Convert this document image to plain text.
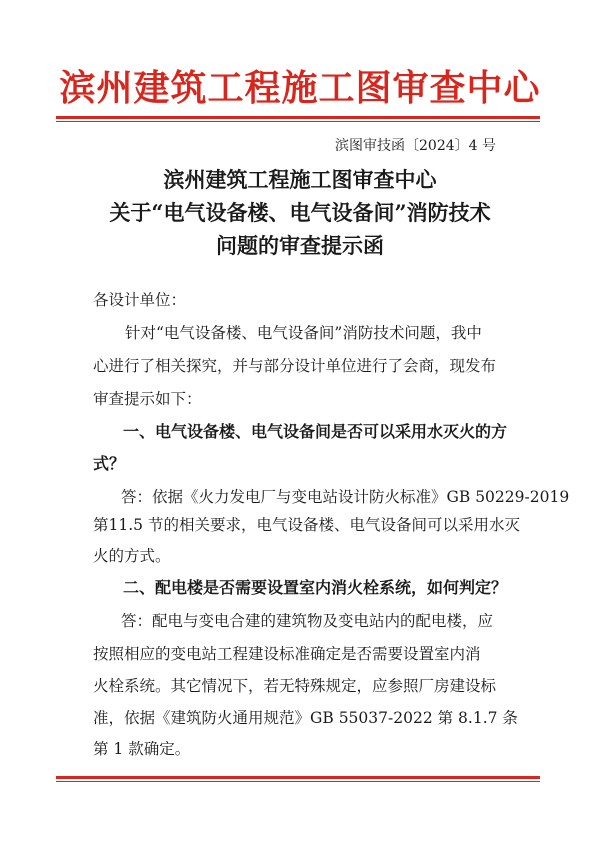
滨州建筑工程施工图审查中心
滨图审技函〔2024〕4 号
滨州建筑工程施工图审查中心
关于“电气设备楼、电气设备间”消防技术
问题的审查提示函
各设计单位：
针对“电气设备楼、电气设备间”消防技术问题，我中
心进行了相关探究，并与部分设计单位进行了会商，现发布
审查提示如下：
一、电气设备楼、电气设备间是否可以采用水灭火的方
式？
答：依据《火力发电厂与变电站设计防火标准》GB 50229-2019
第11.5 节的相关要求，电气设备楼、电气设备间可以采用水灭
火的方式。
二、配电楼是否需要设置室内消火栓系统，如何判定？
答：配电与变电合建的建筑物及变电站内的配电楼，应
按照相应的变电站工程建设标准确定是否需要设置室内消
火栓系统。其它情况下，若无特殊规定，应参照厂房建设标
准，依据《建筑防火通用规范》GB 55037-2022 第 8.1.7 条
第 1 款确定。
